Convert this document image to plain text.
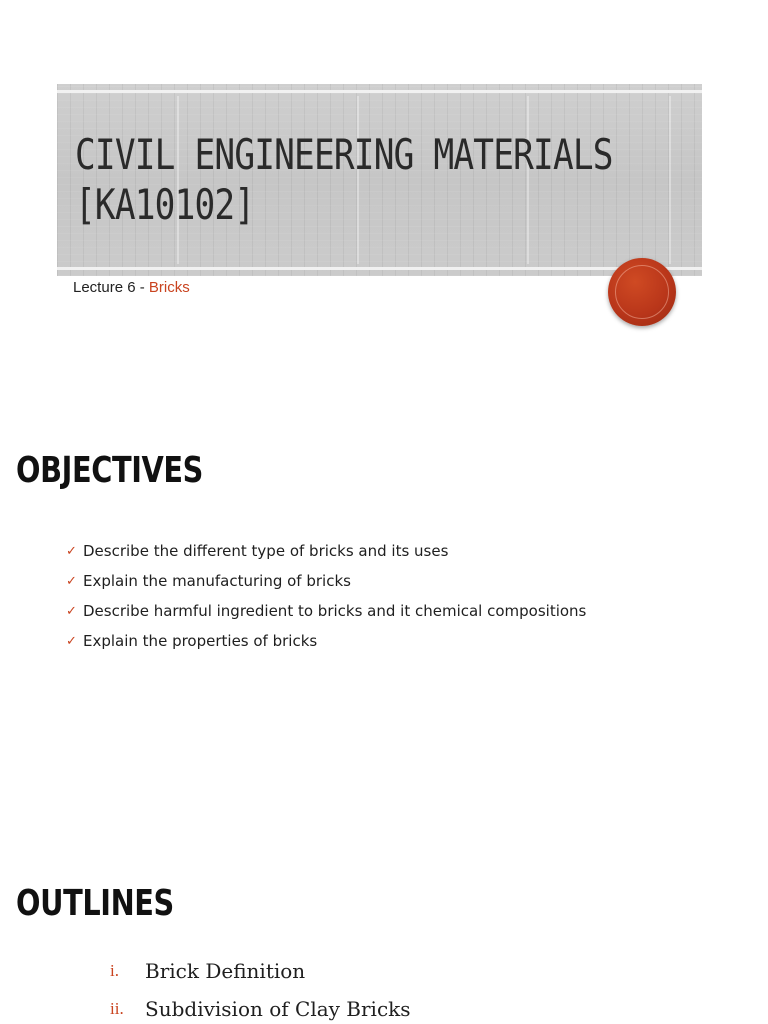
CIVIL ENGINEERING MATERIALS
[KA10102]
Lecture 6 - Bricks
OBJECTIVES
✓ Describe the different type of bricks and its uses
✓ Explain the manufacturing of bricks
✓ Describe harmful ingredient to bricks and it chemical compositions
✓ Explain the properties of bricks
OUTLINES
i.	Brick Definition
ii.	Subdivision of Clay Bricks
